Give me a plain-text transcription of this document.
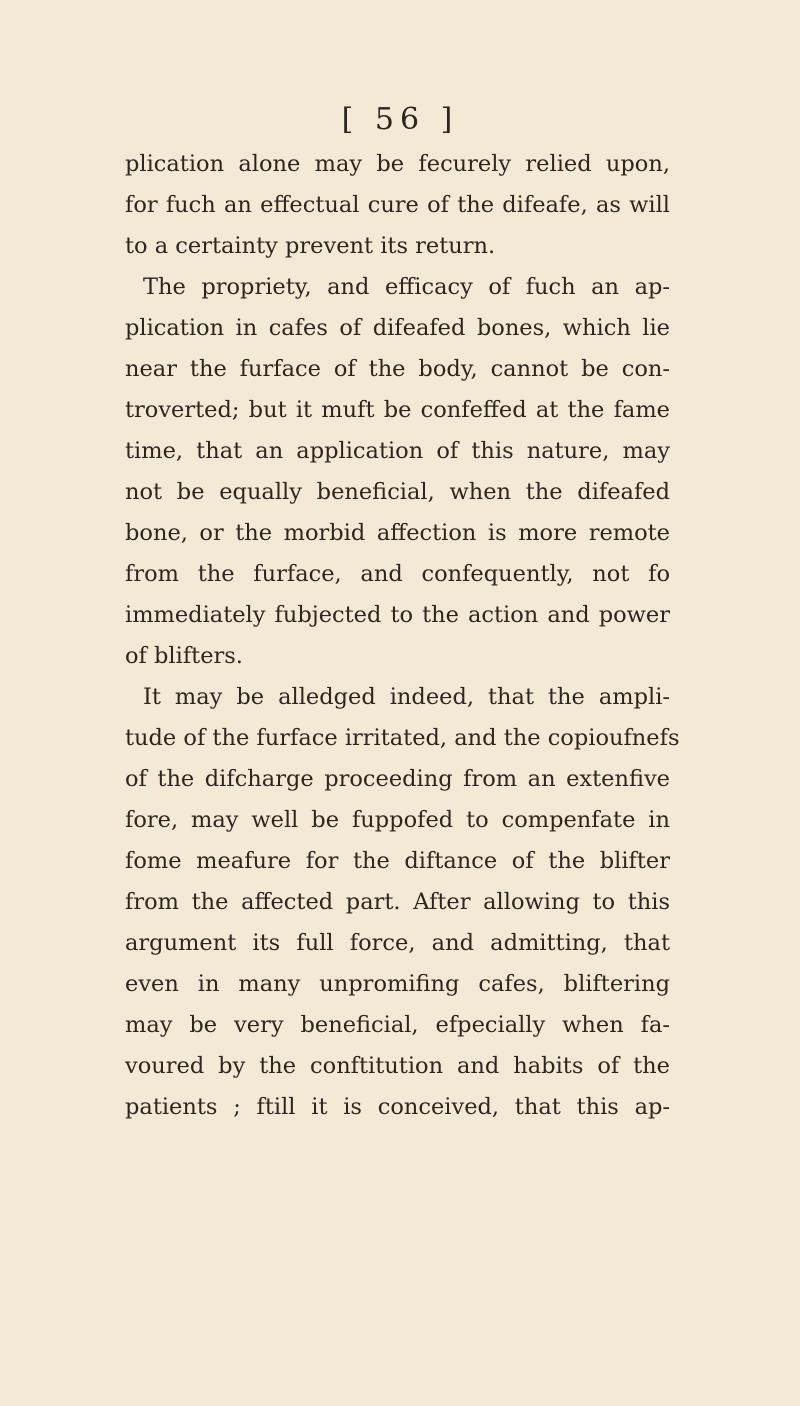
[ 56 ]
plication alone may be fecurely relied upon,
for fuch an effectual cure of the difeafe, as will
to a certainty prevent its return.
The propriety, and efficacy of fuch an ap-
plication in cafes of difeafed bones, which lie
near the furface of the body, cannot be con-
troverted; but it muft be confeffed at the fame
time, that an application of this nature, may
not be equally beneficial, when the difeafed
bone, or the morbid affection is more remote
from the furface, and confequently, not fo
immediately fubjected to the action and power
of blifters.
It may be alledged indeed, that the ampli-
tude of the furface irritated, and the copioufnefs
of the difcharge proceeding from an extenfive
fore, may well be fuppofed to compenfate in
fome meafure for the diftance of the blifter
from the affected part. After allowing to this
argument its full force, and admitting, that
even in many unpromifing cafes, bliftering
may be very beneficial, efpecially when fa-
voured by the conftitution and habits of the
patients ; ftill it is conceived, that this ap-
